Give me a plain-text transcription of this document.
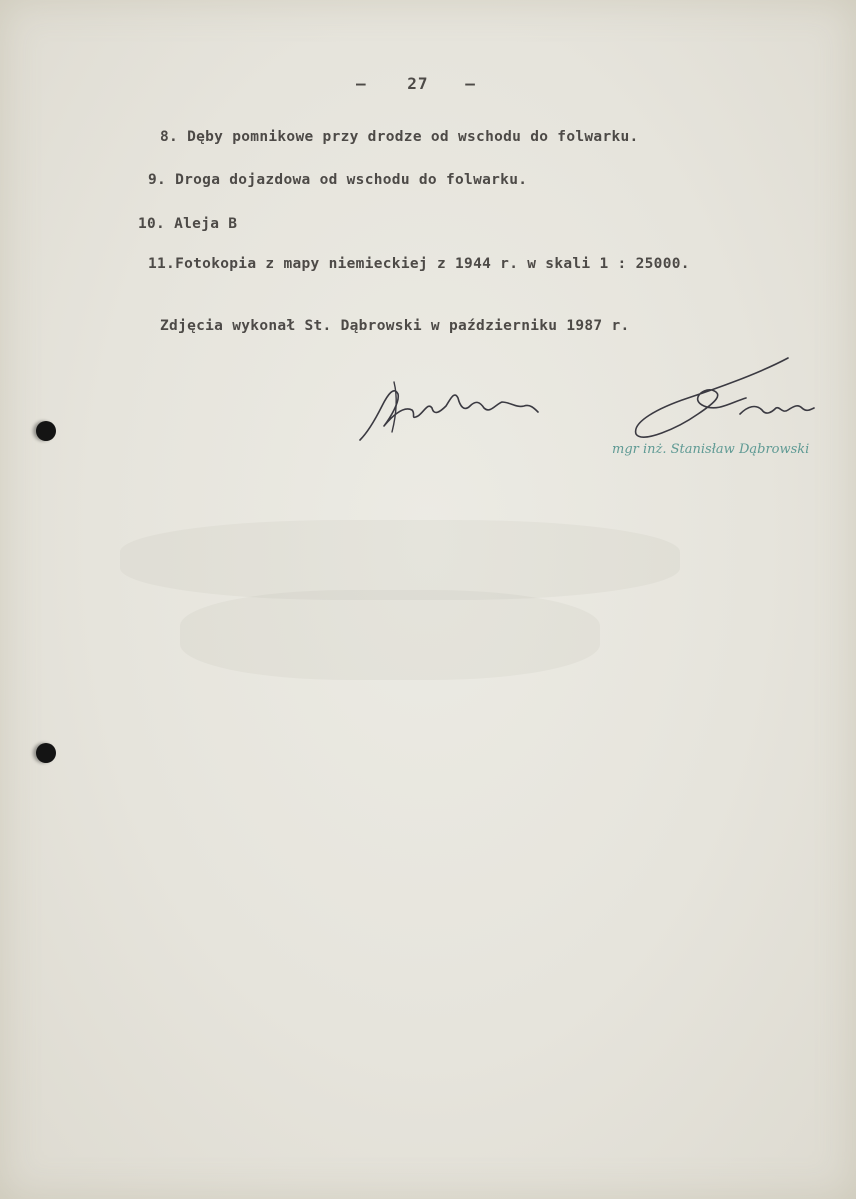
–	27 –

8. Dęby pomnikowe przy drodze od wschodu do folwarku.

9. Droga dojazdowa od wschodu do folwarku.

10. Aleja B

11.Fotokopia z mapy niemieckiej z 1944 r. w skali 1 : 25000.

Zdjęcia wykonał St. Dąbrowski w październiku 1987 r.

mgr inż. Stanisław Dąbrowski
